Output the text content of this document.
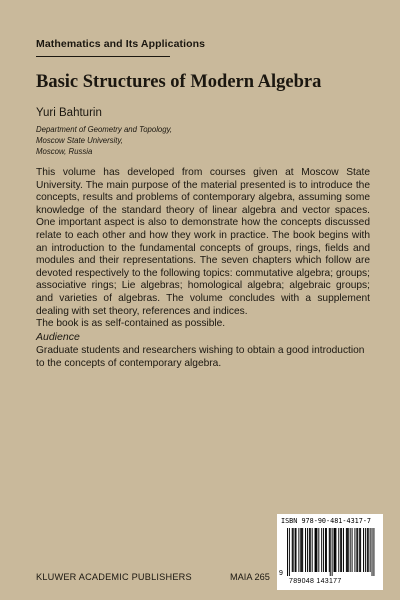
Mathematics and Its Applications
Basic Structures of Modern Algebra
Yuri Bahturin
Department of Geometry and Topology,
Moscow State University,
Moscow, Russia

This volume has developed from courses given at Moscow State University. The main purpose of the material presented is to introduce the concepts, results and problems of contemporary algebra, assuming some knowledge of the standard theory of linear algebra and vector spaces. One important aspect is also to demonstrate how the concepts discussed relate to each other and how they work in practice. The book begins with an introduction to the fundamental concepts of groups, rings, fields and modules and their representations. The seven chapters which follow are devoted respectively to the following topics: commutative algebra; groups; associative rings; Lie algebras; homological algebra; algebraic groups; and varieties of algebras. The volume concludes with a supplement dealing with set theory, references and indices.

The book is as self-contained as possible.

Audience
Graduate students and researchers wishing to obtain a good introduction to the concepts of contemporary algebra.
KLUWER ACADEMIC PUBLISHERS	MAIA 265
ISBN 978-90-481-4317-7
9
789048 143177
